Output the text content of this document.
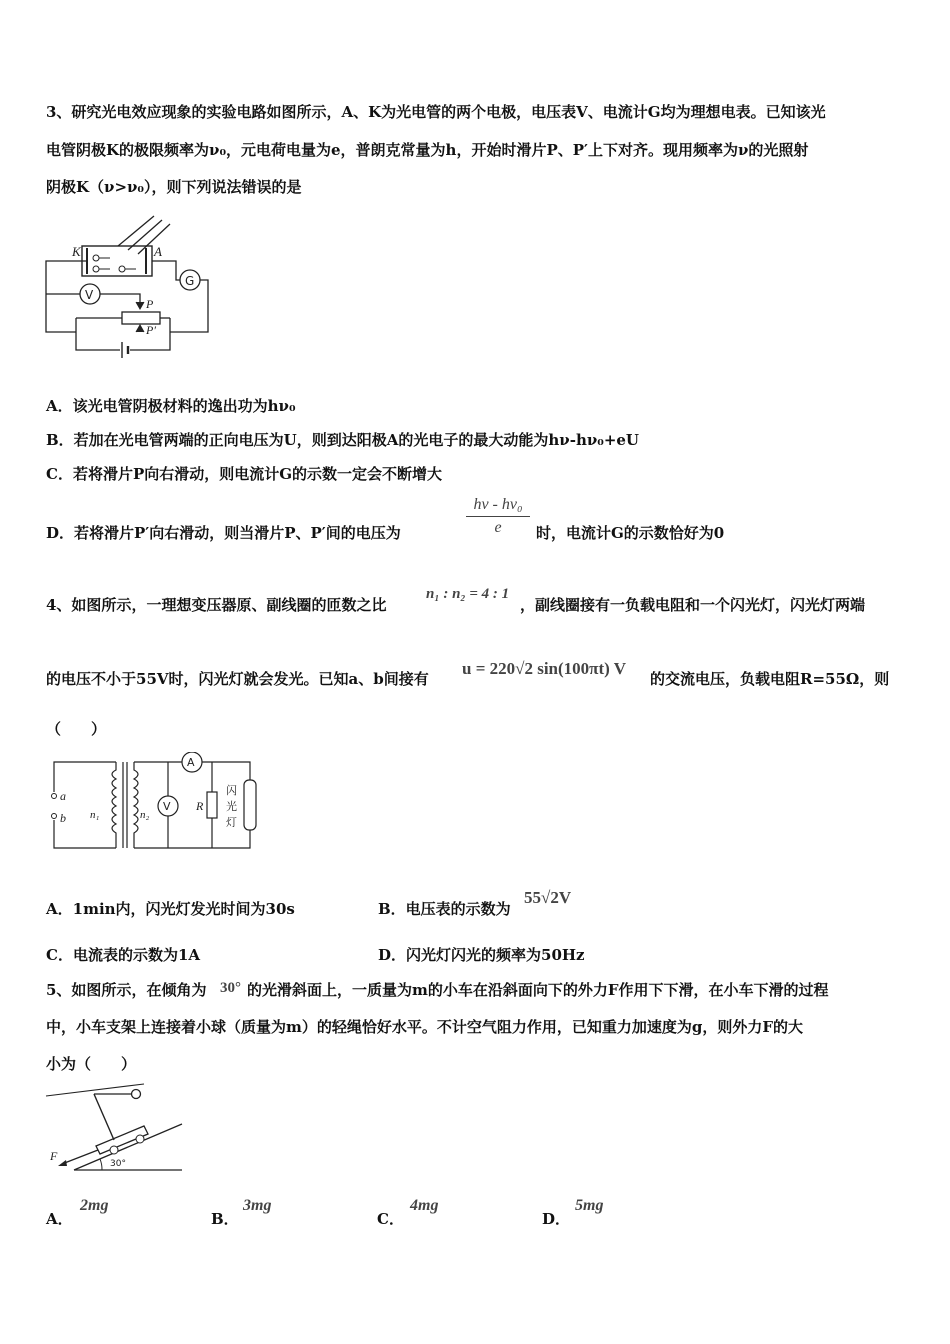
3、研究光电效应现象的实验电路如图所示，A、K为光电管的两个电极，电压表V、电流计G均为理想电表。已知该光
电管阴极K的极限频率为ν₀，元电荷电量为e，普朗克常量为h，开始时滑片P、P′上下对齐。现用频率为ν的光照射
阴极K（ν>ν₀），则下列说法错误的是
K	A
G
V
P
P′
A．该光电管阴极材料的逸出功为hν₀
B．若加在光电管两端的正向电压为U，则到达阳极A的光电子的最大动能为hν-hν₀+eU
C．若将滑片P向右滑动，则电流计G的示数一定会不断增大
D．若将滑片P′向右滑动，则当滑片P、P′间的电压为
hν - hν₀
e	时，电流计G的示数恰好为0
4、如图所示，一理想变压器原、副线圈的匝数之比
n₁ : n₂ = 4 : 1
，副线圈接有一负载电阻和一个闪光灯，闪光灯两端
的电压不小于55V时，闪光灯就会发光。已知a、b间接有
u = 220√2 sin(100πt) V
的交流电压，负载电阻R=55Ω，则
（　　）
a
b n₁	n₂
A
V R
闪
光
灯
A．1min内，闪光灯发光时间为30s	B．电压表的示数为
55√2V
C．电流表的示数为1A	D．闪光灯闪光的频率为50Hz
5、如图所示，在倾角为 30° 的光滑斜面上，一质量为m的小车在沿斜面向下的外力F作用下下滑，在小车下滑的过程
中，小车支架上连接着小球（质量为m）的轻绳恰好水平。不计空气阻力作用，已知重力加速度为g，则外力F的大
小为（　　）
F
30°
A．
2mg
B．
3mg
C．
4mg
D．
5mg
